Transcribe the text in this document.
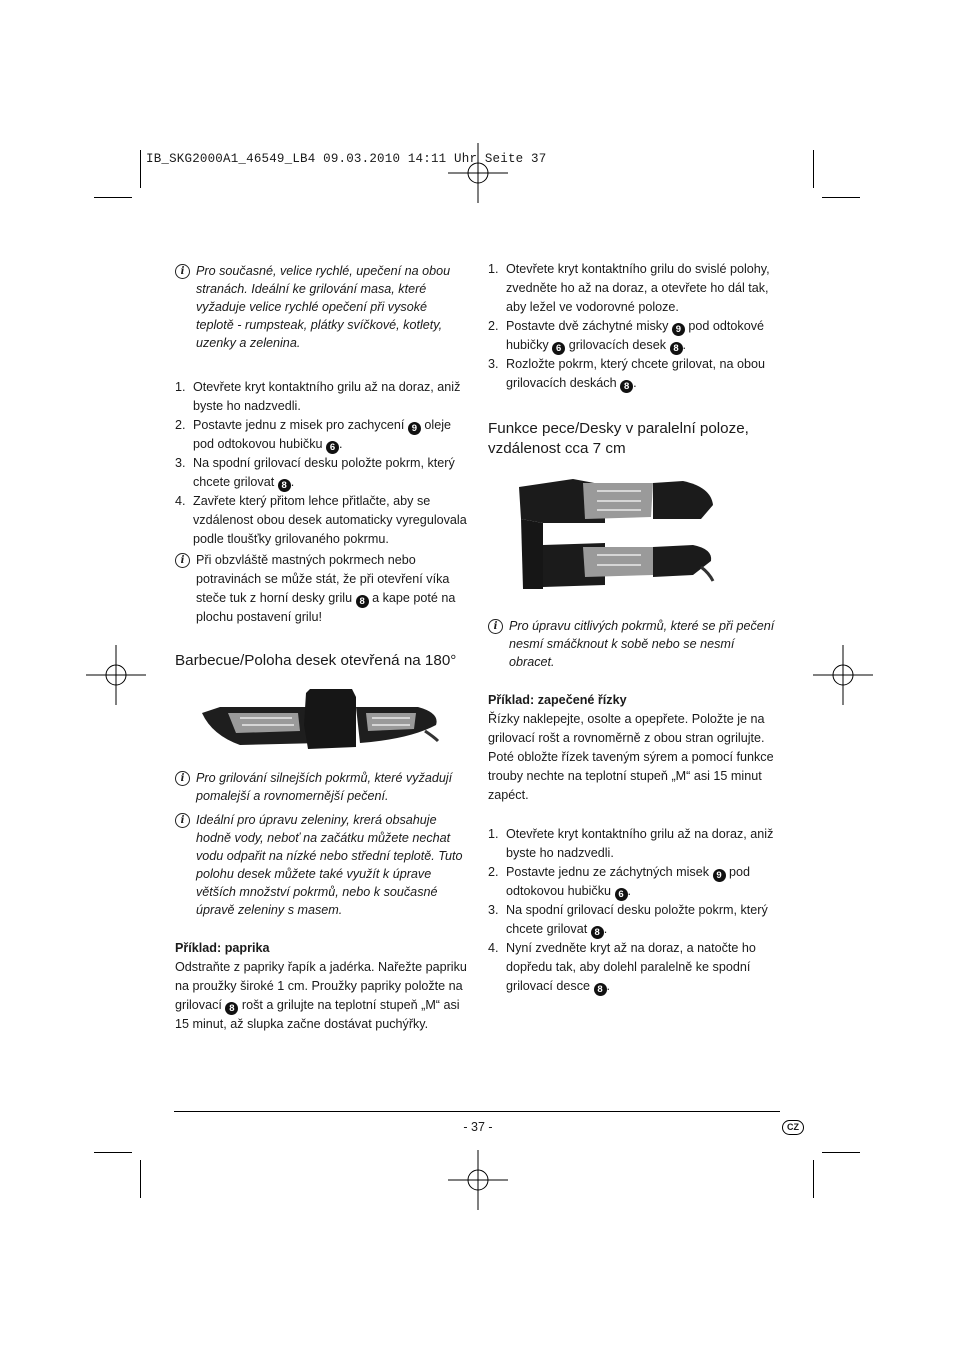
IB_SKG2000A1_46549_LB4 09.03.2010 14:11 Uhr Seite 37
i Pro současné, velice rychlé, upečení na obou stranách. Ideální ke grilování masa, které vyžaduje velice rychlé opečení při vysoké teplotě - rumpsteak, plátky svíčkové, kotlety, uzenky a zelenina.
1. Otevřete kryt kontaktního grilu až na doraz, aniž byste ho nadzvedli.
2. Postavte jednu z misek pro zachycení 9 oleje pod odtokovou hubičku 6 .
3. Na spodní grilovací desku položte pokrm, který chcete grilovat 8 .
4. Zavřete který přitom lehce přitlačte, aby se vzdálenost obou desek automaticky vyregulovala podle tloušťky grilovaného pokrmu.
i Při obzvláště mastných pokrmech nebo potravinách se může stát, že při otevření víka steče tuk z horní desky grilu 8 a kape poté na plochu postavení grilu!
Barbecue/Poloha desek otevřená na 180°
i Pro grilování silnejších pokrmů, které vyžadují pomalejší a rovnomernější pečení.
i Ideální pro úpravu zeleniny, krerá obsahuje hodně vody, neboť na začátku můžete nechat vodu odpařit na nízké nebo střední teplotě. Tuto polohu desek můžete také využít k úprave větších množství pokrmů, nebo k současné úpravě zeleniny s masem.

Příklad: paprika

Odstraňte z papriky řapík a jadérka. Nařežte papriku na proužky široké 1 cm. Proužky papriky položte na grilovací 8 rošt a grilujte na teplotní stupeň „M“ asi 15 minut, až slupka začne dostávat puchýřky.

1. Otevřete kryt kontaktního grilu do svislé polohy, zvedněte ho až na doraz, a otevřete ho dál tak, aby ležel ve vodorovné poloze.
2. Postavte dvě záchytné misky 9 pod odtokové hubičky 6 grilovacích desek 8 .
3. Rozložte pokrm, který chcete grilovat, na obou grilovacích deskách 8 .
Funkce pece/Desky v paralelní poloze, vzdálenost cca 7 cm
i Pro úpravu citlivých pokrmů, které se při pečení nesmí smáčknout k sobě nebo se nesmí obracet.

Příklad: zapečené řízky

Řízky naklepejte, osolte a opepřete. Položte je na grilovací rošt a rovnoměrně z obou stran ogrilujte. Poté obložte řízek taveným sýrem a pomocí funkce trouby nechte na teplotní stupeň „M“ asi 15 minut zapéct.

1. Otevřete kryt kontaktního grilu až na doraz, aniž byste ho nadzvedli.
2. Postavte jednu ze záchytných misek 9 pod odtokovou hubičku 6 .
3. Na spodní grilovací desku položte pokrm, který chcete grilovat 8 .
4. Nyní zvedněte kryt až na doraz, a natočte ho dopředu tak, aby dolehl paralelně ke spodní grilovací desce 8 .
- 37 -	CZ
